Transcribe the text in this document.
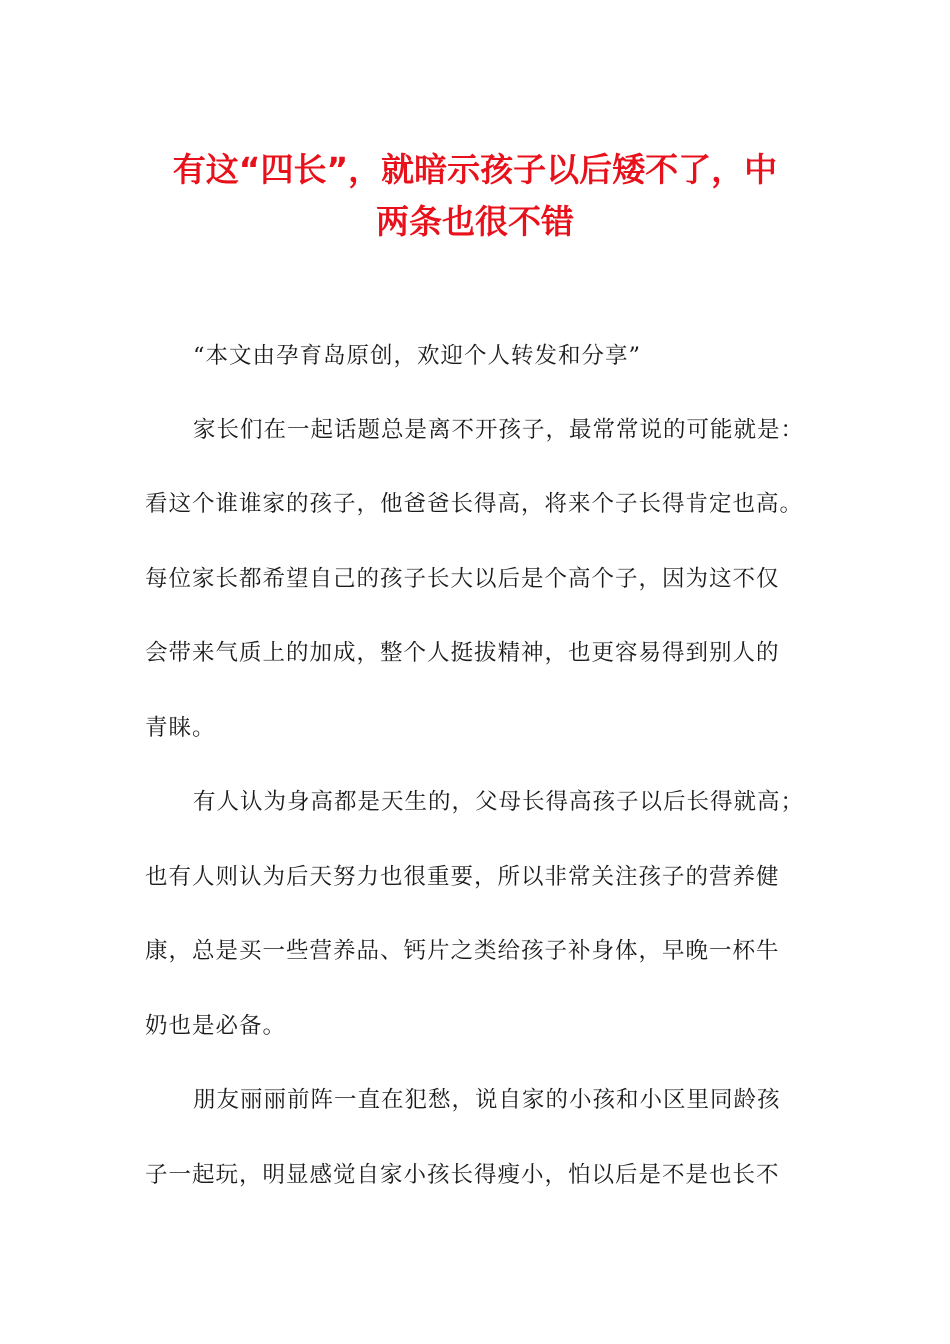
有这“四长”，就暗示孩子以后矮不了，中
两条也很不错

“本文由孕育岛原创，欢迎个人转发和分享”

家长们在一起话题总是离不开孩子，最常常说的可能就是：

看这个谁谁家的孩子，他爸爸长得高，将来个子长得肯定也高。

每位家长都希望自己的孩子长大以后是个高个子，因为这不仅

会带来气质上的加成，整个人挺拔精神，也更容易得到别人的

青睐。

有人认为身高都是天生的，父母长得高孩子以后长得就高；

也有人则认为后天努力也很重要，所以非常关注孩子的营养健

康，总是买一些营养品、钙片之类给孩子补身体，早晚一杯牛

奶也是必备。

朋友丽丽前阵一直在犯愁，说自家的小孩和小区里同龄孩

子一起玩，明显感觉自家小孩长得瘦小，怕以后是不是也长不
